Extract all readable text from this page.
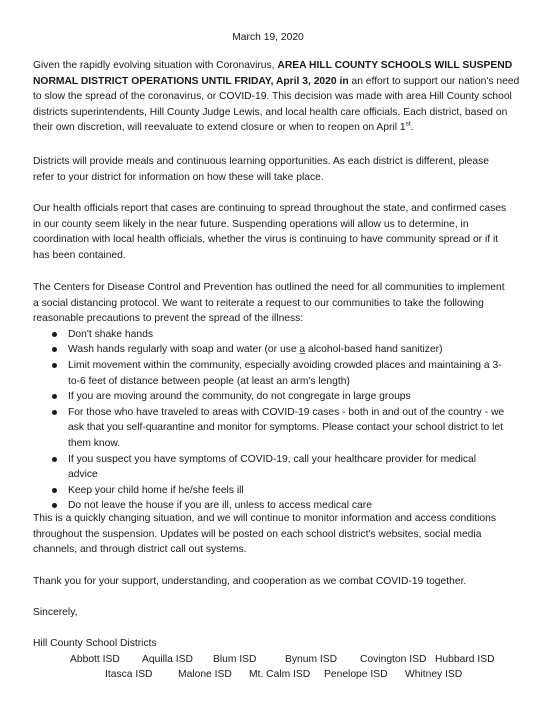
March 19, 2020
Given the rapidly evolving situation with Coronavirus, AREA HILL COUNTY SCHOOLS WILL SUSPEND
NORMAL DISTRICT OPERATIONS UNTIL FRIDAY, April 3, 2020 in an effort to support our nation's need
to slow the spread of the coronavirus, or COVID-19. This decision was made with area Hill County school
districts superintendents, Hill County Judge Lewis, and local health care officials. Each district, based on
their own discretion, will reevaluate to extend closure or when to reopen on April 1st.
Districts will provide meals and continuous learning opportunities. As each district is different, please
refer to your district for information on how these will take place.
Our health officials report that cases are continuing to spread throughout the state, and confirmed cases
in our county seem likely in the near future. Suspending operations will allow us to determine, in
coordination with local health officials, whether the virus is continuing to have community spread or if it
has been contained.
The Centers for Disease Control and Prevention has outlined the need for all communities to implement
a social distancing protocol. We want to reiterate a request to our communities to take the following
reasonable precautions to prevent the spread of the illness:
Don't shake hands
Wash hands regularly with soap and water (or use a alcohol-based hand sanitizer)
Limit movement within the community, especially avoiding crowded places and maintaining a 3-
to-6 feet of distance between people (at least an arm's length)
If you are moving around the community, do not congregate in large groups
For those who have traveled to areas with COVID-19 cases - both in and out of the country - we
ask that you self-quarantine and monitor for symptoms. Please contact your school district to let
them know.
If you suspect you have symptoms of COVID-19, call your healthcare provider for medical advice
Keep your child home if he/she feels ill
Do not leave the house if you are ill, unless to access medical care
This is a quickly changing situation, and we will continue to monitor information and access conditions
throughout the suspension. Updates will be posted on each school district's websites, social media
channels, and through district call out systems.
Thank you for your support, understanding, and cooperation as we combat COVID-19 together.
Sincerely,
Hill County School Districts
Abbott ISD Aquilla ISD Blum ISD	Bynum ISD Covington ISD Hubbard ISD
Itasca ISD Malone ISD Mt. Calm ISD Penelope ISD Whitney ISD
